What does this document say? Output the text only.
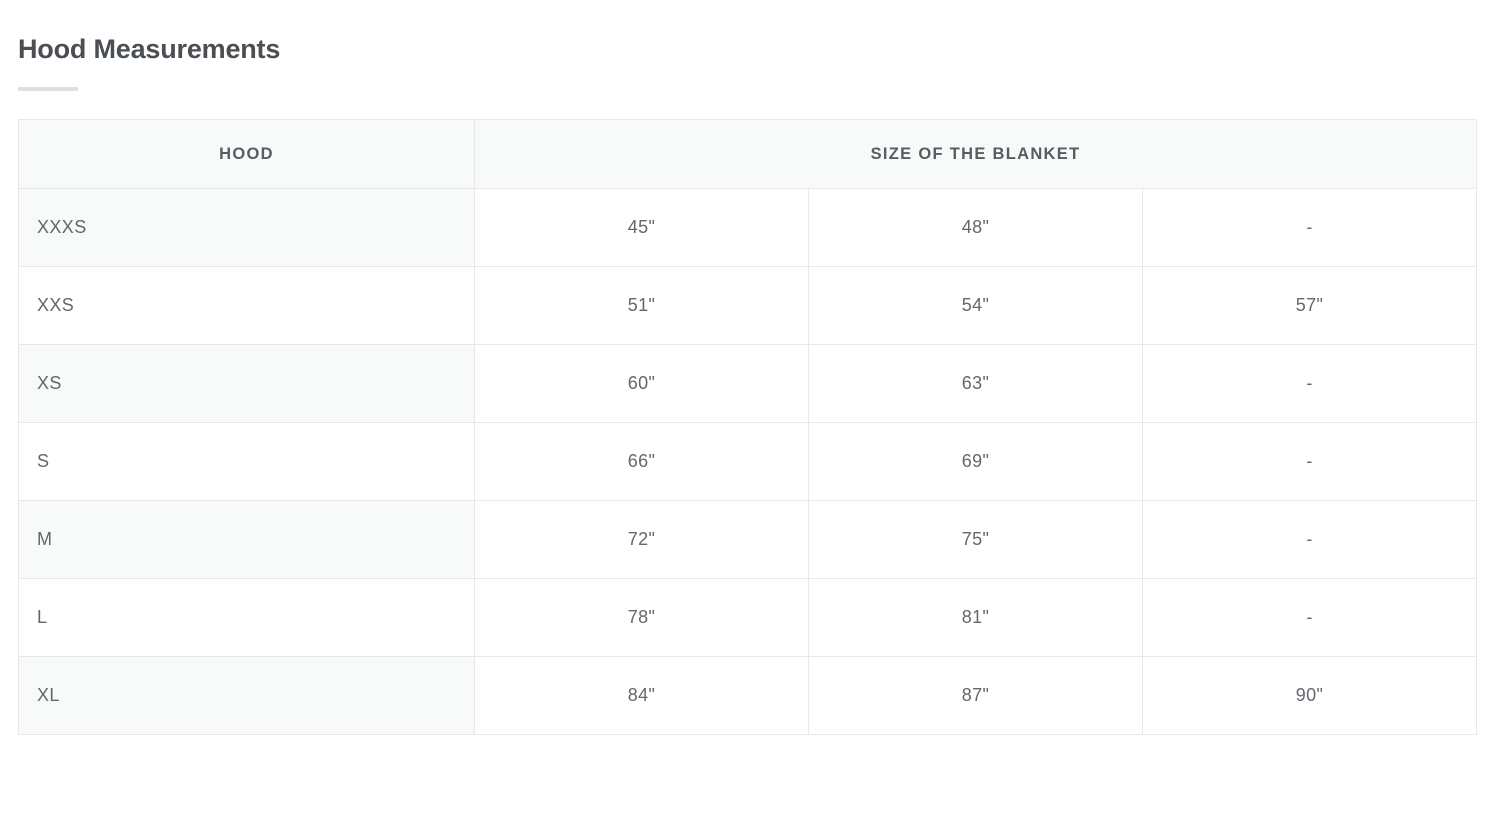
Hood Measurements
HOOD	SIZE OF THE BLANKET		
XXXS	45"	48"	-
XXS	51"	54"	57"
XS	60"	63"	-
S	66"	69"	-
M	72"	75"	-
L	78"	81"	-
XL	84"	87"	90"
